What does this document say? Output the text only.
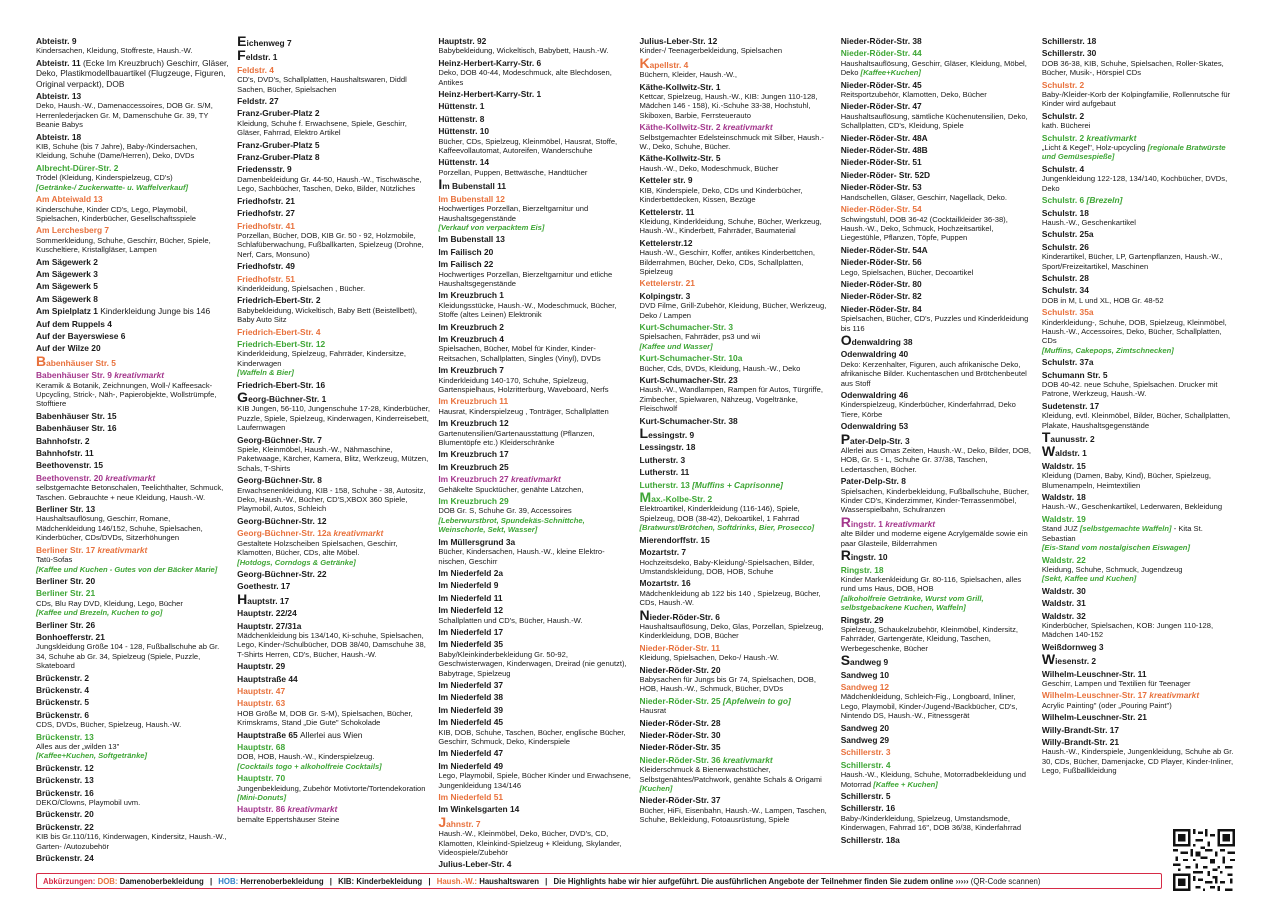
Abteistr. 9

Kindersachen, Kleidung, Stoffreste, Haush.-W.

Abteistr. 11 (Ecke Im Kreuzbruch) Geschirr, Gläser, Deko, Plastikmodellbauartikel (Flugzeuge, Figuren, Original verpackt), DOB
Abteistr. 13

Deko, Haush.-W., Damenaccessoires, DOB Gr. S/M, Herrenlederjacken Gr. M, Damenschuhe Gr. 39, TY Beanie Babys

Abteistr. 18

KIB, Schuhe (bis 7 Jahre), Baby-/Kindersachen, Kleidung, Schuhe (Dame/Herren), Deko, DVDs

Albrecht-Dürer-Str. 2

Trödel (Kleidung, Kinderspielzeug, CD's)

[Getränke-/ Zuckerwatte- u. Waffelverkauf]

Am Abteiwald 13

Kinderschuhe, Kinder CD's, Lego, Playmobil, Spielsachen, Kinderbücher, Gesellschaftsspiele

Am Lerchesberg 7

Sommerkleidung, Schuhe, Geschirr, Bücher, Spiele, Kuscheltiere, Kristallgläser, Lampen

Am Sägewerk 2
Am Sägewerk 3
Am Sägewerk 5
Am Sägewerk 8
Am Spielplatz 1 Kinderkleidung Junge bis 146
Auf dem Ruppels 4
Auf der Bayerswiese 6
Auf der Wilze 20
Babenhäuser Str. 5
Babenhäuser Str. 9 kreativmarkt

Keramik & Botanik, Zeichnungen, Woll-/ Kaffeesack-Upcycling, Strick-, Näh-, Papierobjekte, Wollstrümpfe, Stofftiere

Babenhäuser Str. 15
Babenhäuser Str. 16
Bahnhofstr. 2
Bahnhofstr. 11
Beethovenstr. 15
Beethovenstr. 20 kreativmarkt

selbstgemachte Betonschalen, Teelichthalter, Schmuck, Taschen. Gebrauchte + neue Kleidung, Haush.-W.

Berliner Str. 13

Haushaltsauflösung, Geschirr, Romane, Mädchenkleidung 146/152, Schuhe, Spielsachen, Kinderbücher, CDs/DVDs, Sitzerhöhungen

Berliner Str. 17 kreativmarkt

Tatü-Sofas

[Kaffee und Kuchen - Gutes von der Bäcker Marie]

Berliner Str. 20
Berliner Str. 21

CDs, Blu Ray DVD, Kleidung, Lego, Bücher

[Kaffee und Brezeln, Kuchen to go]

Berliner Str. 26
Bonhoefferstr. 21

Jungskleidung Größe 104 - 128, Fußballschuhe ab Gr. 34, Schuhe ab Gr. 34, Spielzeug (Spiele, Puzzle, Skateboard

Brückenstr. 2
Brückenstr. 4
Brückenstr. 5
Brückenstr. 6

CDS, DVDs, Bücher, Spielzeug, Haush.-W.

Brückenstr. 13

Alles aus der „wilden 13"

[Kaffee+Kuchen, Softgetränke]

Brückenstr. 12
Brückenstr. 13
Brückenstr. 16

DEKO/Clowns, Playmobil uvm.

Brückenstr. 20
Brückenstr. 22

KIB bis Gr.110/116, Kinderwagen, Kindersitz, Haush.-W., Garten- /Autozubehör

Brückenstr. 24
Eichenweg 7
Feldstr. 1
Feldstr. 4

CD's, DVD's, Schallplatten, Haushaltswaren, Diddl Sachen, Bücher, Spielsachen

Feldstr. 27
Franz-Gruber-Platz 2

Kleidung, Schuhe f. Erwachsene, Spiele, Geschirr, Gläser, Fahrrad, Elektro Artikel

Franz-Gruber-Platz 5
Franz-Gruber-Platz 8
Friedensstr. 9

Damenbekleidung Gr. 44-50, Haush.-W., Tischwäsche, Lego, Sachbücher, Taschen, Deko, Bilder, Nützliches

Friedhofstr. 21
Friedhofstr. 27
Friedhofstr. 41

Porzellan, Bücher, DOB, KIB Gr. 50 - 92, Holzmobile, Schlafüberwachung, Fußballkarten, Spielzeug (Drohne, Nerf, Cars, Monsuno)

Friedhofstr. 49
Friedhofstr. 51

Kinderkleidung, Spielsachen , Bücher.

Friedrich-Ebert-Str. 2

Babybekleidung, Wickeltisch, Baby Bett (Beistellbett), Baby Auto Sitz

Friedrich-Ebert-Str. 4
Friedrich-Ebert-Str. 12

Kinderkleidung, Spielzeug, Fahrräder, Kindersitze, Kinderwagen

[Waffeln & Bier]

Friedrich-Ebert-Str. 16
Georg-Büchner-Str. 1

KIB Jungen, 56-110, Jungenschuhe 17-28, Kinderbücher, Puzzle, Spiele, Spielzeug, Kinderwagen, Kinderreisebett, Laufernwagen

Georg-Büchner-Str. 7

Spiele, Kleinmöbel, Haush.-W., Nähmaschine, Paketwaage, Kärcher, Kamera, Blitz, Werkzeug, Mützen, Schals, T-Shirts

Georg-Büchner-Str. 8

Erwachsenenkleidung, KIB - 158, Schuhe - 38, Autositz, Deko, Haush.-W., Bücher, CD'S,XBOX 360 Spiele, Playmobil, Autos, Schleich

Georg-Büchner-Str. 12
Georg-Büchner-Str. 12a kreativmarkt

Gestaltete Holzscheiben Spielsachen, Geschirr, Klamotten, Bücher, CDs, alte Möbel.

[Hotdogs, Corndogs & Getränke]

Georg-Büchner-Str. 22
Goethestr. 17
Hauptstr. 17
Hauptstr. 22/24
Hauptstr. 27/31a

Mädchenkleidung bis 134/140, Ki-schuhe, Spielsachen, Lego, Kinder-/Schulbücher, DOB 38/40, Damschuhe 38, T-Shirts Herren, CD's, Bücher, Haush.-W.

Hauptstr. 29
Hauptstraße 44
Hauptstr. 47
Hauptstr. 63

HOB Größe M, DOB Gr. S-M), Spielsachen, Bücher, Krimskrams, Stand „Die Gute" Schokolade

Hauptstraße 65 Allerlei aus Wien
Hauptstr. 68

DOB, HOB, Haush.-W., Kinderspielzeug.

[Cocktails togo + alkoholfreie Cocktails]

Hauptstr. 70

Jungenbekleidung, Zubehör Motivtorte/Tortendekoration

[Mini-Donuts]

Hauptstr. 86 kreativmarkt

bemalte Eppertshäuser Steine

Hauptstr. 92

Babybekleidung, Wickeltisch, Babybett, Haush.-W.

Heinz-Herbert-Karry-Str. 6

Deko, DOB 40-44, Modeschmuck, alte Blechdosen, Antikes

Heinz-Herbert-Karry-Str. 1
Hüttenstr. 1
Hüttenstr. 8
Hüttenstr. 10

Bücher, CDs, Spielzeug, Kleinmöbel, Hausrat, Stoffe, Kaffeevollautomat, Autoreifen, Wanderschuhe

Hüttenstr. 14

Porzellan, Puppen, Bettwäsche, Handtücher

Im Bubenstall 11
Im Bubenstall 12

Hochwertiges Porzellan, Bierzeltgarnitur und Haushaltsgegenstände

[Verkauf von verpacktem Eis]

Im Bubenstall 13
Im Failisch 20
Im Failisch 22

Hochwertiges Porzellan, Bierzeltgarnitur und etliche Haushaltsgegenstände

Im Kreuzbruch 1

Kleidungsstücke, Haush.-W., Modeschmuck, Bücher, Stoffe (altes Leinen) Elektronik

Im Kreuzbruch 2
Im Kreuzbruch 4

Spielsachen, Bücher, Möbel für Kinder, Kinder-Reitsachen, Schallplatten, Singles (Vinyl), DVDs

Im Kreuzbruch 7

Kinderkleidung 140-170, Schuhe, Spielzeug, Gartenspielhaus, Holzritterburg, Waveboard, Nerfs

Im Kreuzbruch 11

Hausrat, Kinderspielzeug , Tonträger, Schallplatten

Im Kreuzbruch 12

Gartenutensilien/Gartenausstattung (Pflanzen, Blumentöpfe etc.) Kleiderschränke

Im Kreuzbruch 17
Im Kreuzbruch 25
Im Kreuzbruch 27 kreativmarkt

Gehäkelte Spucktücher, genähte Lätzchen,

Im Kreuzbruch 29

DOB Gr. S, Schuhe Gr. 39, Accessoires

[Leberwurstbrot, Spundekäs-Schnittche, Weinschorle, Sekt, Wasser]

Im Müllersgrund 3a

Bücher, Kindersachen, Haush.-W., kleine Elektro-nischen, Geschirr

Im Niederfeld 2a
Im Niederfeld 9
Im Niederfeld 11
Im Niederfeld 12

Schallplatten und CD's, Bücher, Haush.-W.

Im Niederfeld 17
Im Niederfeld 35

Baby/Kleinkinderbekleidung Gr. 50-92, Geschwisterwagen, Kinderwagen, Dreirad (nie genutzt), Babytrage, Spielzeug

Im Niederfeld 37
Im Niederfeld 38
Im Niederfeld 39
Im Niederfeld 45

KIB, DOB, Schuhe, Taschen, Bücher, englische Bücher, Geschirr, Schmuck, Deko, Kinderspiele

Im Niederfeld 47
Im Niederfeld 49

Lego, Playmobil, Spiele, Bücher Kinder und Erwachsene, Jungenkleidung 134/146

Im Niederfeld 51
Im Winkelsgarten 14
Jahnstr. 7

Haush.-W., Kleinmöbel, Deko, Bücher, DVD's, CD, Klamotten, Kleinkind-Spielzeug + Kleidung, Skylander, Videospiele/Zubehör

Julius-Leber-Str. 4
Julius-Leber-Str. 12

Kinder-/ Teenagerbekleidung, Spielsachen

Kapellstr. 4

Büchern, Kleider, Haush.-W.,

Käthe-Kollwitz-Str. 1

Kettcar, Spielzeug, Haush.-W., KIB: Jungen 110-128, Mädchen 146 - 158), Ki.-Schuhe 33-38, Hochstuhl, Skiboxen, Barbie, Ferrsteuerauto

Käthe-Kollwitz-Str. 2 kreativmarkt

Selbstgemachter Edelsteinschmuck mit Silber, Haush.-W., Deko, Schuhe, Bücher.

Käthe-Kollwitz-Str. 5

Haush.-W., Deko, Modeschmuck, Bücher

Ketteler str. 9

KIB, Kinderspiele, Deko, CDs und Kinderbücher, Kinderbettdecken, Kissen, Bezüge

Kettelerstr. 11

Kleidung, Kinderkleidung, Schuhe, Bücher, Werkzeug, Haush.-W., Kinderbett, Fahrräder, Baumaterial

Kettelerstr.12

Haush.-W., Geschirr, Koffer, antikes Kinderbettchen, Bilderrahmen, Bücher, Deko, CDs, Schallplatten, Spielzeug

Kettelerstr. 21
Kolpingstr. 3

DVD Filme, Grill-Zubehör, Kleidung, Bücher, Werkzeug, Deko / Lampen

Kurt-Schumacher-Str. 3

Spielsachen, Fahrräder, ps3 und wii

[Kaffee und Wasser]

Kurt-Schumacher-Str. 10a

Bücher, Cds, DVDs, Kleidung, Haush.-W., Deko

Kurt-Schumacher-Str. 23

Haush.-W., Wandlampen, Rampen für Autos, Türgriffe, Zimbecher, Spielwaren, Nähzeug, Vogeltränke, Fleischwolf

Kurt-Schumacher-Str. 38
Lessingstr. 9
Lessingstr. 18
Lutherstr. 3
Lutherstr. 11
Lutherstr. 13 [Muffins + Caprisonne]
Max.-Kolbe-Str. 2

Elektroartikel, Kinderkleidung (116-146), Spiele, Spielzeug, DOB (38-42), Dekoartikel, 1 Fahrrad

[Bratwurst/Brötchen, Softdrinks, Bier, Prosecco]

Mierendorffstr. 15
Mozartstr. 7

Hochzeitsdeko, Baby-Kleidung/-Spielsachen, Bilder, Umstandskleidung, DOB, HOB, Schuhe

Mozartstr. 16

Mädchenkleidung ab 122 bis 140 , Spielzeug, Bücher, CDs, Haush.-W.

Nieder-Röder-Str. 6

Haushaltsauflösung, Deko, Glas, Porzellan, Spielzeug, Kinderkleidung, DOB, Bücher

Nieder-Röder-Str. 11

Kleidung, Spielsachen, Deko-/ Haush.-W.

Nieder-Röder-Str. 20

Babysachen für Jungs bis Gr 74, Spielsachen, DOB, HOB, Haush.-W., Schmuck, Bücher, DVDs

Nieder-Röder-Str. 25 [Apfelwein to go]

Hausrat

Nieder-Röder-Str. 28
Nieder-Röder-Str. 30
Nieder-Röder-Str. 35
Nieder-Röder-Str. 36 kreativmarkt

Kleiderschmuck & Bienenwachstücher, Selbstgenähtes/Patchwork, genähte Schals & Origami

[Kuchen]

Nieder-Röder-Str. 37

Bücher, HiFi, Eisenbahn, Haush.-W., Lampen, Taschen, Schuhe, Bekleidung, Fotoausrüstung, Spiele

Nieder-Röder-Str. 38
Nieder-Röder-Str. 44

Haushaltsauflösung, Geschirr, Gläser, Kleidung, Möbel, Deko [Kaffee+Kuchen]

Nieder-Röder-Str. 45

Reitsportzubehör, Klamotten, Deko, Bücher

Nieder-Röder-Str. 47

Haushaltsauflösung, sämtliche Küchenutensilien, Deko, Schallplatten, CD's, Kleidung, Spiele

Nieder-Röder-Str. 48A
Nieder-Röder-Str. 48B
Nieder-Röder-Str. 51
Nieder-Röder- Str. 52D
Nieder-Röder-Str. 53

Handschellen, Gläser, Geschirr, Nagellack, Deko.

Nieder-Röder-Str. 54

Schwingstuhl, DOB 36-42 (Cocktailkleider 36-38), Haush.-W., Deko, Schmuck, Hochzeitsartikel, Liegestühle, Pflanzen, Töpfe, Puppen

Nieder-Röder-Str. 54A
Nieder-Röder-Str. 56

Lego, Spielsachen, Bücher, Decoartikel

Nieder-Röder-Str. 80
Nieder-Röder-Str. 82
Nieder-Röder-Str. 84

Spielsachen, Bücher, CD's, Puzzles und Kinderkleidung bis 116

Odenwaldring 38
Odenwaldring 40

Deko: Kerzenhalter, Figuren, auch afrikanische Deko, afrikanische Bilder. Kuchentaschen und Brötchenbeutel aus Stoff

Odenwaldring 46

Kinderspielzeug, Kinderbücher, Kinderfahrrad, Deko Tiere, Körbe

Odenwaldring 53
Pater-Delp-Str. 3

Allerlei aus Omas Zeiten, Haush.-W., Deko, Bilder, DOB, HOB, Gr. S - L, Schuhe Gr. 37/38, Taschen, Ledertaschen, Bücher.

Pater-Delp-Str. 8

Spielsachen, Kinderbekleidung, Fußballschuhe, Bücher, Kinder CD's, Kinderzimmer, Kinder-Terrassenmöbel, Wasserspielbahn, Schulranzen

Ringstr. 1 kreativmarkt

alte Bilder und moderne eigene Acrylgemälde sowie ein paar Glasteile, Bilderrahmen

Ringstr. 10
Ringstr. 18

Kinder Markenkleidung Gr. 80-116, Spielsachen, alles rund ums Haus, DOB, HOB

[alkoholfreie Getränke, Wurst vom Grill, selbstgebackene Kuchen, Waffeln]

Ringstr. 29

Spielzeug, Schaukelzubehör, Kleinmöbel, Kindersitz, Fahrräder, Gartengeräte, Kleidung, Taschen, Werbegeschenke, Bücher

Sandweg 9
Sandweg 10
Sandweg 12

Mädchenkleidung, Schleich-Fig., Longboard, Inliner, Lego, Playmobil, Kinder-/Jugend-/Backbücher, CD's, Nintendo DS, Haush.-W., Fitnessgerät

Sandweg 20
Sandweg 29
Schillerstr. 3
Schillerstr. 4

Haush.-W., Kleidung, Schuhe, Motorradbekleidung und Motorrad [Kaffee + Kuchen]

Schillerstr. 5
Schillerstr. 16

Baby-/Kinderkleidung, Spielzeug, Umstandsmode, Kinderwagen, Fahrrad 16", DOB 36/38, Kinderfahrrad

Schillerstr. 18a
Schillerstr. 18
Schillerstr. 30

DOB 36-38, KIB, Schuhe, Spielsachen, Roller-Skates, Bücher, Musik-, Hörspiel CDs

Schulstr. 2

Baby-/Kleider-Korb der Kolpingfamilie, Rollenrutsche für Kinder wird aufgebaut

Schulstr. 2

kath. Bücherei

Schulstr. 2 kreativmarkt

„Licht & Kegel", Holz-upcycling [regionale Bratwürste und Gemüsespieße]

Schulstr. 4

Jungenkleidung 122-128, 134/140, Kochbücher, DVDs, Deko

Schulstr. 6 [Brezeln]
Schulstr. 18

Haush.-W., Geschenkartikel

Schulstr. 25a
Schulstr. 26

Kinderartikel, Bücher, LP, Gartenpflanzen, Haush.-W., Sport/Freizeitartikel, Maschinen

Schulstr. 28
Schulstr. 34

DOB in M, L und XL, HOB Gr. 48-52

Schulstr. 35a

Kinderkleidung-, Schuhe, DOB, Spielzeug, Kleinmöbel, Haush.-W., Accessoires, Deko, Bücher, Schallplatten, CDs

[Muffins, Cakepops, Zimtschnecken]

Schulstr. 37a
Schumann Str. 5

DOB 40-42. neue Schuhe, Spielsachen. Drucker mit Patrone, Werkzeug, Haush.-W.

Sudetenstr. 17

Kleidung, evtl. Kleinmöbel, Bilder, Bücher, Schallplatten, Plakate, Haushaltsgegenstände

Taunusstr. 2
Waldstr. 1
Waldstr. 15

Kleidung (Damen, Baby, Kind), Bücher, Spielzeug, Blumenampeln, Heimtextilien

Waldstr. 18

Haush.-W., Geschenkartikel, Lederwaren, Bekleidung

Waldstr. 19

Stand JUZ [selbstgemachte Waffeln] - Kita St. Sebastian

[Eis-Stand vom nostalgischen Eiswagen]

Waldstr. 22

Kleidung, Schuhe, Schmuck, Jugendzeug

[Sekt, Kaffee und Kuchen]

Waldstr. 30
Waldstr. 31
Waldstr. 32

Kinderbücher, Spielsachen, KOB: Jungen 110-128, Mädchen 140-152

Weißdornweg 3
Wiesenstr. 2
Wilhelm-Leuschner-Str. 11

Geschirr, Lampen und Textilien für Teenager

Wilhelm-Leuschner-Str. 17 kreativmarkt

Acrylic Painting" (oder „Pouring Paint")

Wilhelm-Leuschner-Str. 21
Willy-Brandt-Str. 17
Willy-Brandt-Str. 21

Haush.-W., Kinderspiele, Jungenkleidung, Schuhe ab Gr. 30, CDs, Bücher, Damenjacke, CD Player, Kinder-Inliner, Lego, Fußballkleidung

Abkürzungen: DOB: Damenoberbekleidung | HOB: Herrenoberbekleidung | KIB: Kinderbekleidung | Haush.-W.: Haushaltswaren | Die Highlights habe wir hier aufgeführt. Die ausführlichen Angebote der Teilnehmer finden Sie zudem online ››››› (QR-Code scannen)
